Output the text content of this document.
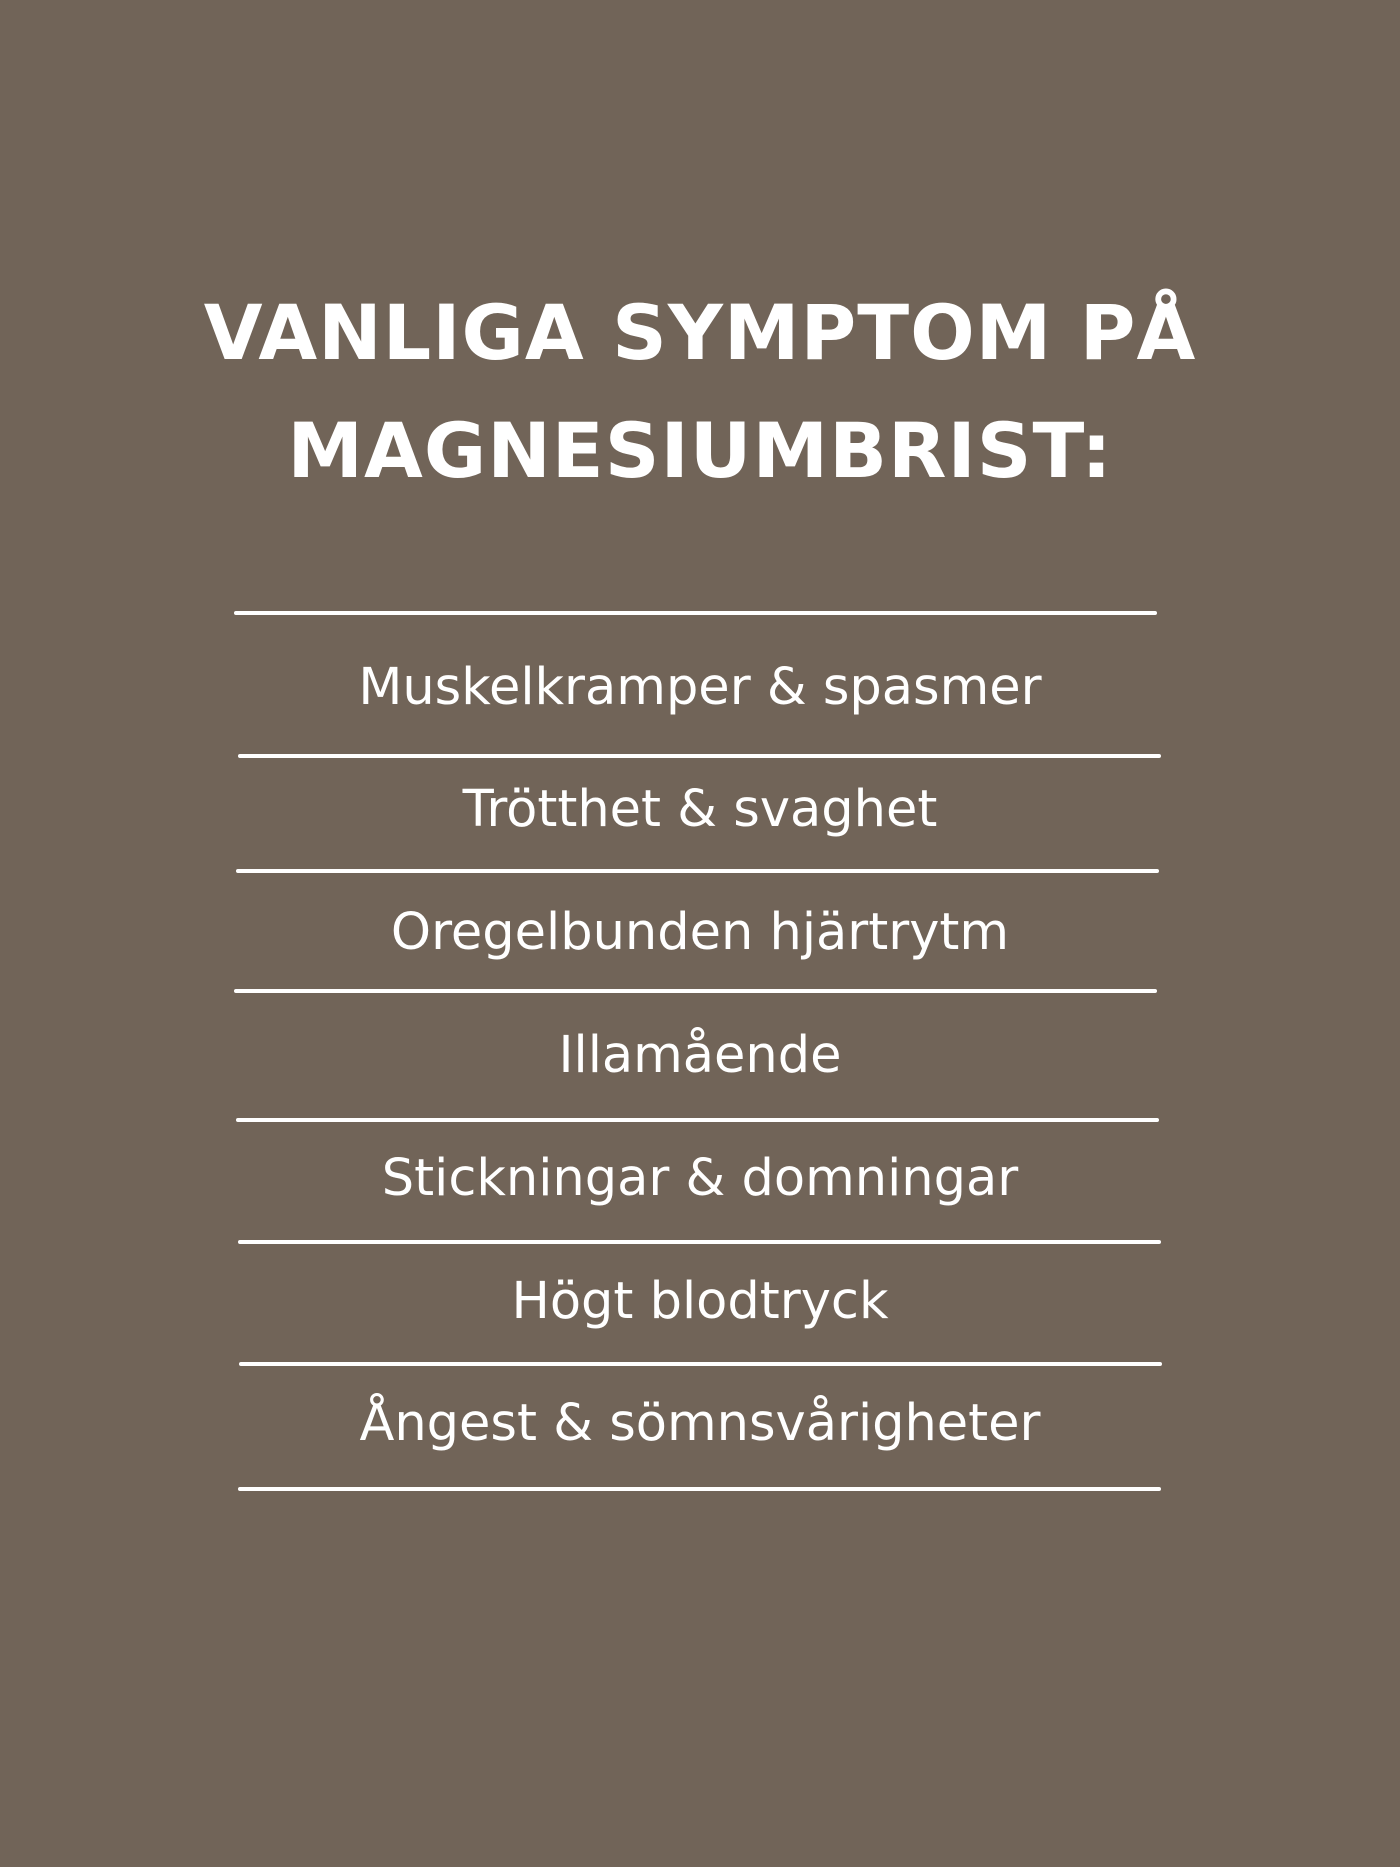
VANLIGA SYMPTOM PÅ
MAGNESIUMBRIST:
Muskelkramper & spasmer
Trötthet & svaghet
Oregelbunden hjärtrytm
Illamående
Stickningar & domningar
Högt blodtryck
Ångest & sömnsvårigheter
